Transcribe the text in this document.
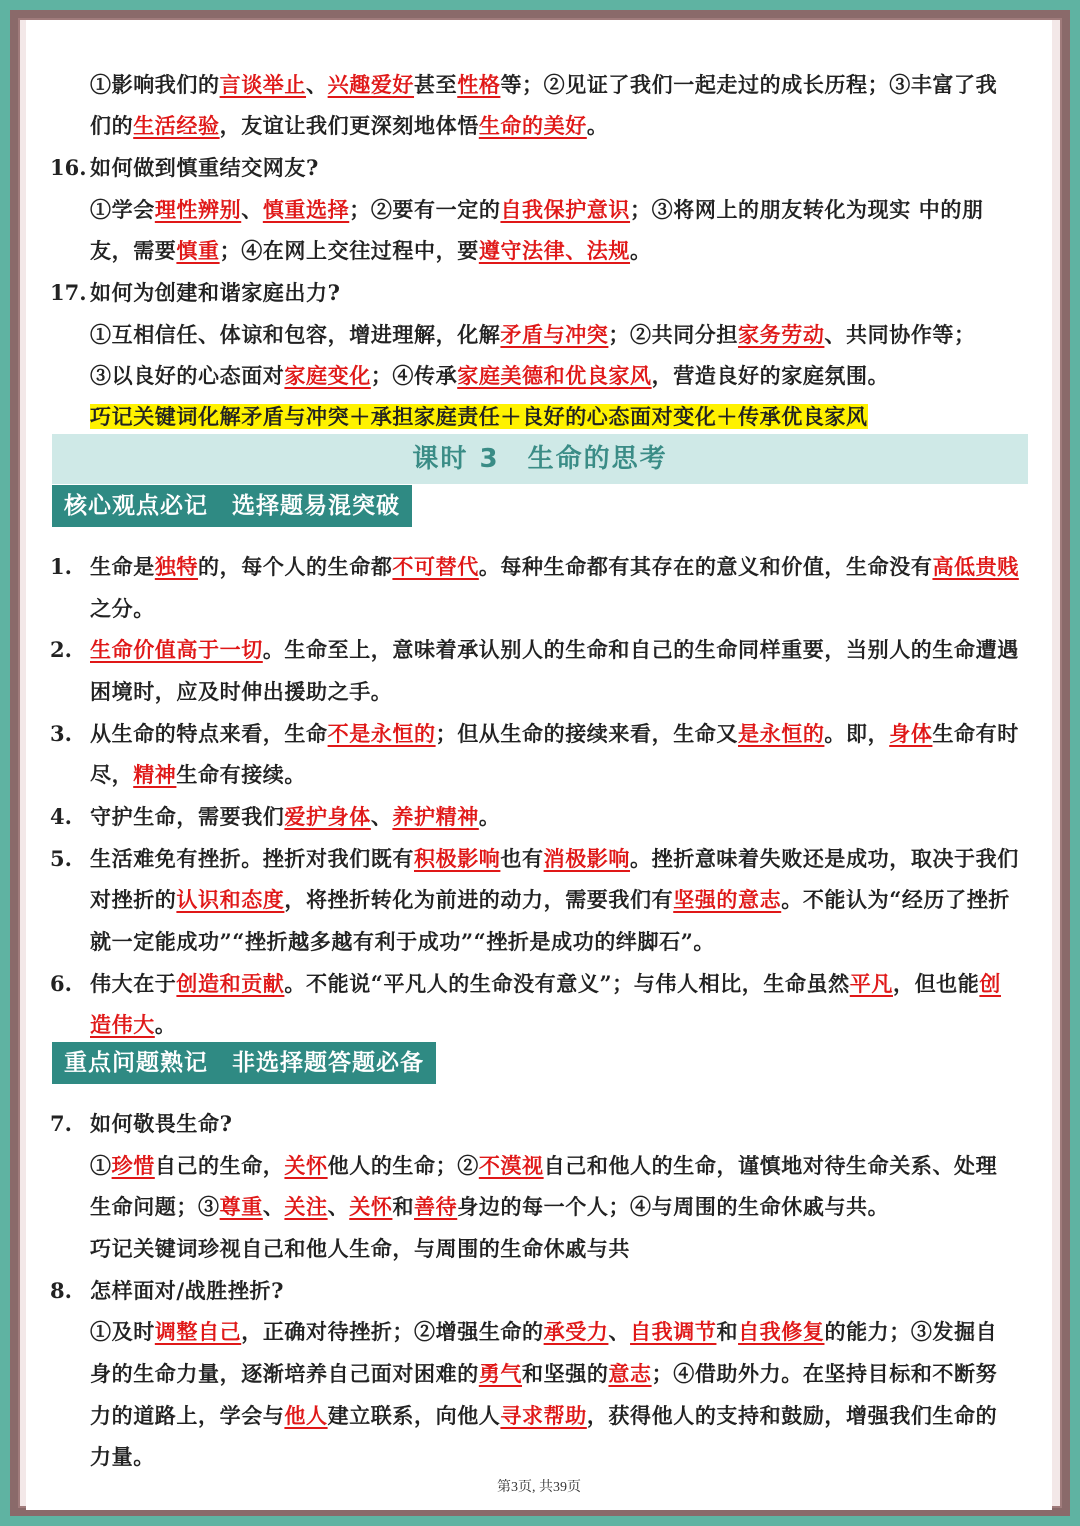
①影响我们的言谈举止、兴趣爱好甚至性格等；②见证了我们一起走过的成长历程；③丰富了我
们的生活经验，友谊让我们更深刻地体悟生命的美好。
16. 如何做到慎重结交网友?
①学会理性辨别、慎重选择；②要有一定的自我保护意识；③将网上的朋友转化为现实 中的朋
友，需要慎重；④在网上交往过程中，要遵守法律、法规。
17. 如何为创建和谐家庭出力?
①互相信任、体谅和包容，增进理解，化解矛盾与冲突；②共同分担家务劳动、共同协作等；
③以良好的心态面对家庭变化；④传承家庭美德和优良家风，营造良好的家庭氛围。
巧记关键词化解矛盾与冲突＋承担家庭责任＋良好的心态面对变化＋传承优良家风
课时 3　生命的思考
核心观点必记　选择题易混突破
1. 生命是独特的，每个人的生命都不可替代。每种生命都有其存在的意义和价值，生命没有高低贵贱
之分。
2. 生命价值高于一切。生命至上，意味着承认别人的生命和自己的生命同样重要，当别人的生命遭遇
困境时，应及时伸出援助之手。
3. 从生命的特点来看，生命不是永恒的；但从生命的接续来看，生命又是永恒的。即，身体生命有时
尽，精神生命有接续。
4. 守护生命，需要我们爱护身体、养护精神。
5. 生活难免有挫折。挫折对我们既有积极影响也有消极影响。挫折意味着失败还是成功，取决于我们
对挫折的认识和态度，将挫折转化为前进的动力，需要我们有坚强的意志。不能认为“经历了挫折
就一定能成功”“挫折越多越有利于成功”“挫折是成功的绊脚石”。
6. 伟大在于创造和贡献。不能说“平凡人的生命没有意义”；与伟人相比，生命虽然平凡，但也能创
造伟大。
重点问题熟记　非选择题答题必备
7. 如何敬畏生命?
①珍惜自己的生命，关怀他人的生命；②不漠视自己和他人的生命，谨慎地对待生命关系、处理
生命问题；③尊重、关注、关怀和善待身边的每一个人；④与周围的生命休戚与共。
巧记关键词珍视自己和他人生命，与周围的生命休戚与共
8. 怎样面对/战胜挫折?
①及时调整自己，正确对待挫折；②增强生命的承受力、自我调节和自我修复的能力；③发掘自
身的生命力量，逐渐培养自己面对困难的勇气和坚强的意志；④借助外力。在坚持目标和不断努
力的道路上，学会与他人建立联系，向他人寻求帮助，获得他人的支持和鼓励，增强我们生命的
力量。
第3页, 共39页
